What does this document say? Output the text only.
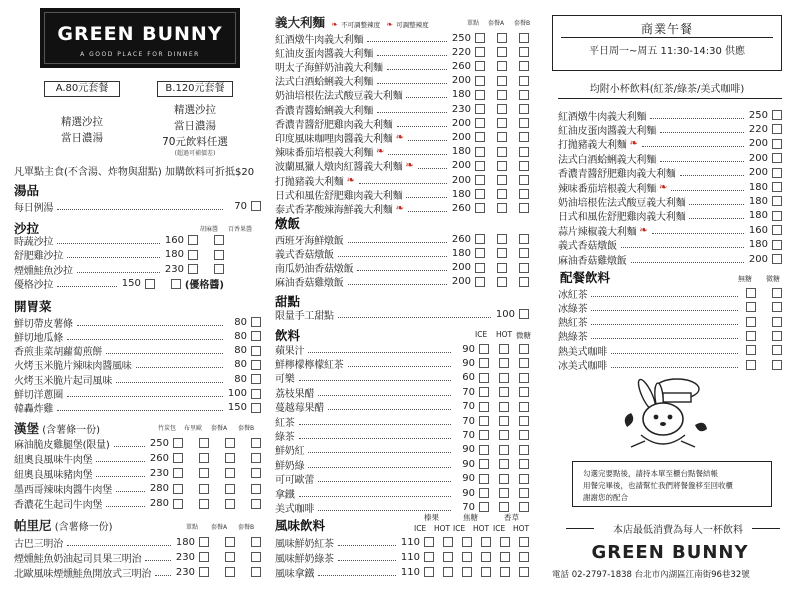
GREEN BUNNY
A GOOD PLACE FOR DINNER
A.80元套餐	B.120元套餐
精選沙拉
當日濃湯
精選沙拉
當日濃湯
70元飲料任選
(超過可補價差)
凡單點主食(不含湯、炸物與甜點) 加購飲料可折抵$20
湯品
每日例湯	70
沙拉	胡麻醬 百香果醬
時蔬沙拉	160
舒肥雞沙拉	180
煙燻鮭魚沙拉	230
優格沙拉	150	(優格醬)
開胃菜
鮮切帶皮薯條	80
鮮切地瓜條	80
香煎韭菜胡蘿蔔煎餅	80
火烤玉米脆片辣味肉醬風味	80
火烤玉米脆片起司風味	80
鮮切洋蔥圈	100
韓轟炸雞	150
漢堡 (含薯條一份)	竹炭包 布里歐 套餐A 套餐B
麻油脆皮雞腿堡(限量)	250
紐奧良風味牛肉堡	260
紐奧良風味豬肉堡	230
墨西哥辣味肉醬牛肉堡	280
香濃花生起司牛肉堡	280
帕里尼 (含薯條一份)	單點 套餐A 套餐B
古巴三明治	180
煙燻鮭魚奶油起司貝果三明治	230
北歐風味煙燻鮭魚開放式三明治 230
義大利麵 ❧ 不可調整辣度 ❧ 可調整辣度	單點 套餐A 套餐B
紅酒燉牛肉義大利麵	250
紅油皮蛋肉醬義大利麵	220
明太子海鮮奶油義大利麵	260
法式白酒蛤蜊義大利麵	200
奶油培根佐法式酸豆義大利麵	180
香濃青醬蛤蜊義大利麵	230
香濃青醬舒肥雞肉義大利麵	200
印度風味咖哩肉醬義大利麵 ❧	200
辣味番茄培根義大利麵 ❧	180
波蘭風獵人燉肉紅醬義大利麵 ❧	200
打拋豬義大利麵 ❧	200
日式和風佐舒肥雞肉義大利麵	180
泰式香茅酸辣海鮮義大利麵 ❧	260
燉飯
西班牙海鮮燉飯	260
義式香菇燉飯	180
南瓜奶油香菇燉飯	200
麻油香菇雞燉飯	200
甜點
限量手工甜點	100
飲料	ICE HOT 微糖
蘋果汁	90
鮮檸檬檸檬紅茶	90
可樂	60
荔枝果醋	70
蔓越莓果醋	70
紅茶	70
綠茶	70
鮮奶紅	90
鮮奶綠	90
可可歐蕾	90
拿鐵	90
美式咖啡	70
風味飲料
榛果	焦糖	香草
ICE HOT ICE HOT ICE HOT
風味鮮奶紅茶	110
風味鮮奶綠茶	110
風味拿鐵	110
商業午餐
平日周一~周五 11:30-14:30 供應
均附小杯飲料(紅茶/綠茶/美式咖啡)
紅酒燉牛肉義大利麵	250
紅油皮蛋肉醬義大利麵	220
打拋豬義大利麵 ❧	200
法式白酒蛤蜊義大利麵	200
香濃青醬舒肥雞肉義大利麵	200
辣味番茄培根義大利麵 ❧	180
奶油培根佐法式酸豆義大利麵	180
日式和風佐舒肥雞肉義大利麵	180
蒜片辣椒義大利麵 ❧	160
義式香菇燉飯	180
麻油香菇雞燉飯	200
配餐飲料	無糖 微糖
冰紅茶
冰綠茶
熱紅茶
熱綠茶
熱美式咖啡
冰美式咖啡
勾選完要點後，請持本單至櫃台點餐結帳
用餐完畢後，也請幫忙我們將餐盤移至回收櫃
謝謝您的配合
本店最低消費為每人一杯飲料
GREEN BUNNY
電話 02-2797-1838 台北市內湖區江南街96巷32號
